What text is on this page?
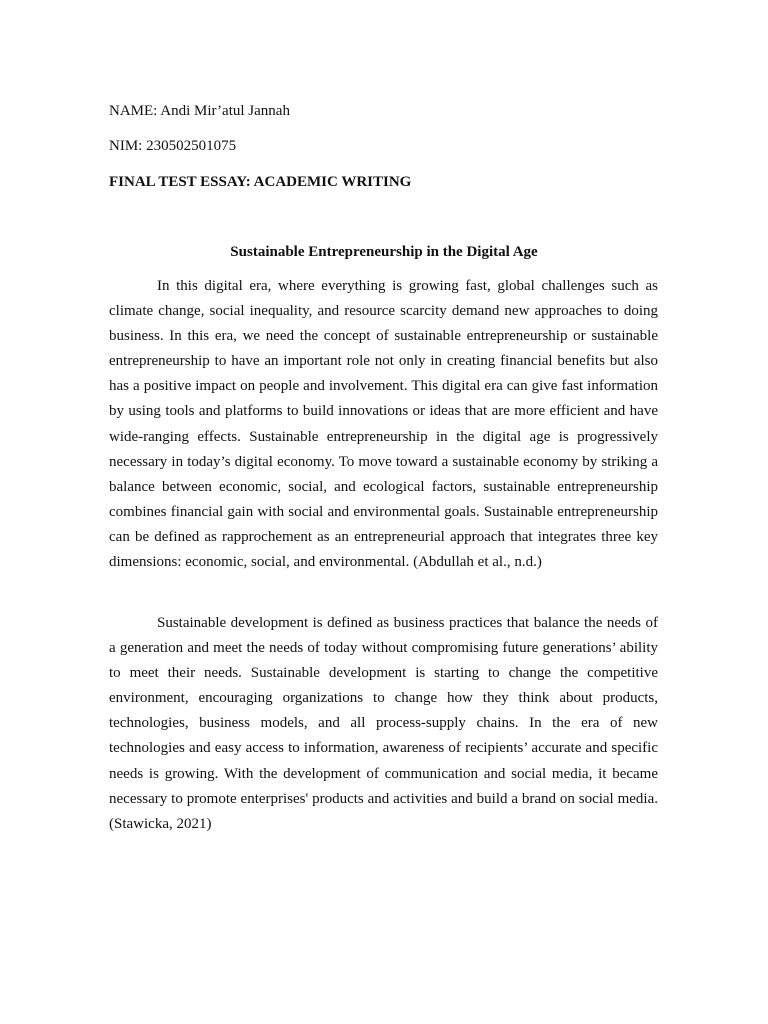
NAME: Andi Mir’atul Jannah
NIM: 230502501075
FINAL TEST ESSAY: ACADEMIC WRITING
Sustainable Entrepreneurship in the Digital Age

In this digital era, where everything is growing fast, global challenges such as climate change, social inequality, and resource scarcity demand new approaches to doing business. In this era, we need the concept of sustainable entrepreneurship or sustainable entrepreneurship to have an important role not only in creating financial benefits but also has a positive impact on people and involvement. This digital era can give fast information by using tools and platforms to build innovations or ideas that are more efficient and have wide-ranging effects. Sustainable entrepreneurship in the digital age is progressively necessary in today’s digital economy. To move toward a sustainable economy by striking a balance between economic, social, and ecological factors, sustainable entrepreneurship combines financial gain with social and environmental goals. Sustainable entrepreneurship can be defined as rapprochement as an entrepreneurial approach that integrates three key dimensions: economic, social, and environmental. (Abdullah et al., n.d.)

Sustainable development is defined as business practices that balance the needs of a generation and meet the needs of today without compromising future generations’ ability to meet their needs. Sustainable development is starting to change the competitive environment, encouraging organizations to change how they think about products, technologies, business models, and all process-supply chains. In the era of new technologies and easy access to information, awareness of recipients’ accurate and specific needs is growing. With the development of communication and social media, it became necessary to promote enterprises' products and activities and build a brand on social media. (Stawicka, 2021)
